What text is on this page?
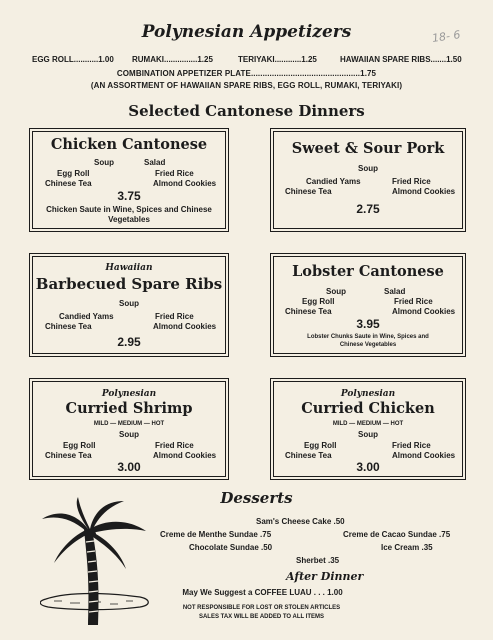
Polynesian Appetizers	18- 6
EGG ROLL...........1.00 RUMAKI...............1.25	TERIYAKI............1.25	HAWAIIAN SPARE RIBS.......1.50
COMBINATION APPETIZER PLATE...............................................1.75
(AN ASSORTMENT OF HAWAIIAN SPARE RIBS, EGG ROLL, RUMAKI, TERIYAKI)
Selected Cantonese Dinners
Chicken Cantonese
Soup	Salad
Egg Roll	Fried Rice
Chinese Tea	Almond Cookies
3.75
Chicken Saute in Wine, Spices and Chinese
Vegetables
Sweet & Sour Pork
Soup
Candied Yams	Fried Rice
Chinese Tea	Almond Cookies
2.75
Hawaiian
Barbecued Spare Ribs
Soup
Candied Yams	Fried Rice
Chinese Tea	Almond Cookies
2.95
Lobster Cantonese
Soup	Salad
Egg Roll	Fried Rice
Chinese Tea	Almond Cookies
3.95
Lobster Chunks Saute in Wine, Spices and
Chinese Vegetables
Polynesian
Curried Shrimp
MILD — MEDIUM — HOT
Soup
Egg Roll	Fried Rice
Chinese Tea	Almond Cookies
3.00
Polynesian
Curried Chicken
MILD — MEDIUM — HOT
Soup
Egg Roll	Fried Rice
Chinese Tea	Almond Cookies
3.00
Desserts
Sam's Cheese Cake .50
Creme de Menthe Sundae .75	Creme de Cacao Sundae .75
Chocolate Sundae .50	Ice Cream .35
Sherbet .35
After Dinner
May We Suggest a COFFEE LUAU . . . 1.00
NOT RESPONSIBLE FOR LOST OR STOLEN ARTICLES
SALES TAX WILL BE ADDED TO ALL ITEMS
